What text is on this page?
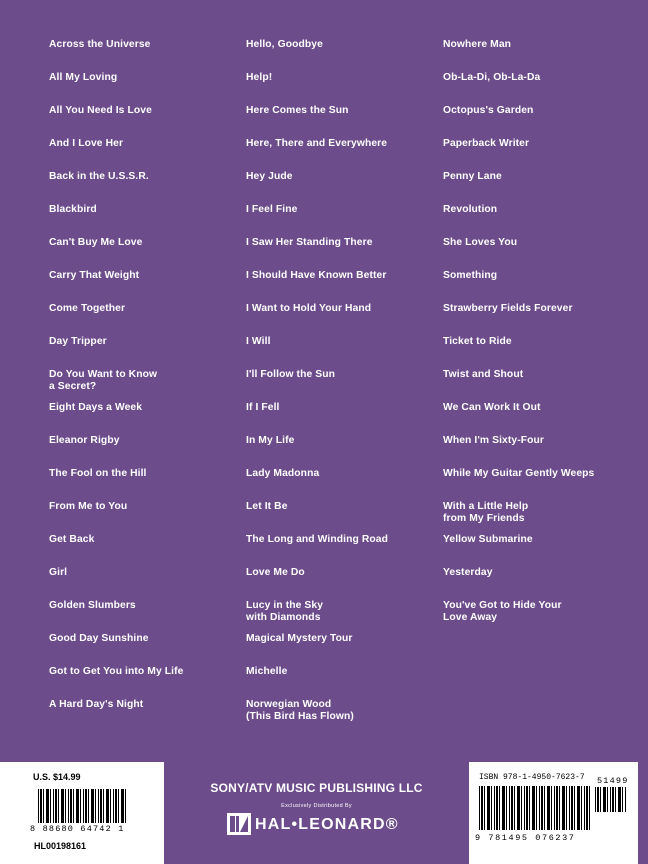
Across the Universe
All My Loving
All You Need Is Love
And I Love Her
Back in the U.S.S.R.
Blackbird
Can't Buy Me Love
Carry That Weight
Come Together
Day Tripper
Do You Want to Know
a Secret?
Eight Days a Week
Eleanor Rigby
The Fool on the Hill
From Me to You
Get Back
Girl
Golden Slumbers
Good Day Sunshine
Got to Get You into My Life
A Hard Day's Night
Hello, Goodbye
Help!
Here Comes the Sun
Here, There and Everywhere
Hey Jude
I Feel Fine
I Saw Her Standing There
I Should Have Known Better
I Want to Hold Your Hand
I Will
I'll Follow the Sun
If I Fell
In My Life
Lady Madonna
Let It Be
The Long and Winding Road
Love Me Do
Lucy in the Sky
with Diamonds
Magical Mystery Tour
Michelle
Norwegian Wood
(This Bird Has Flown)
Nowhere Man
Ob-La-Di, Ob-La-Da
Octopus's Garden
Paperback Writer
Penny Lane
Revolution
She Loves You
Something
Strawberry Fields Forever
Ticket to Ride
Twist and Shout
We Can Work It Out
When I'm Sixty-Four
While My Guitar Gently Weeps
With a Little Help
from My Friends
Yellow Submarine
Yesterday
You've Got to Hide Your
Love Away
U.S. $14.99
8 88680 64742 1
HL00198161
SONY/ATV MUSIC PUBLISHING LLC
Exclusively Distributed By
HAL•LEONARD®
ISBN 978-1-4950-7623-7 51499
9 781495 076237
